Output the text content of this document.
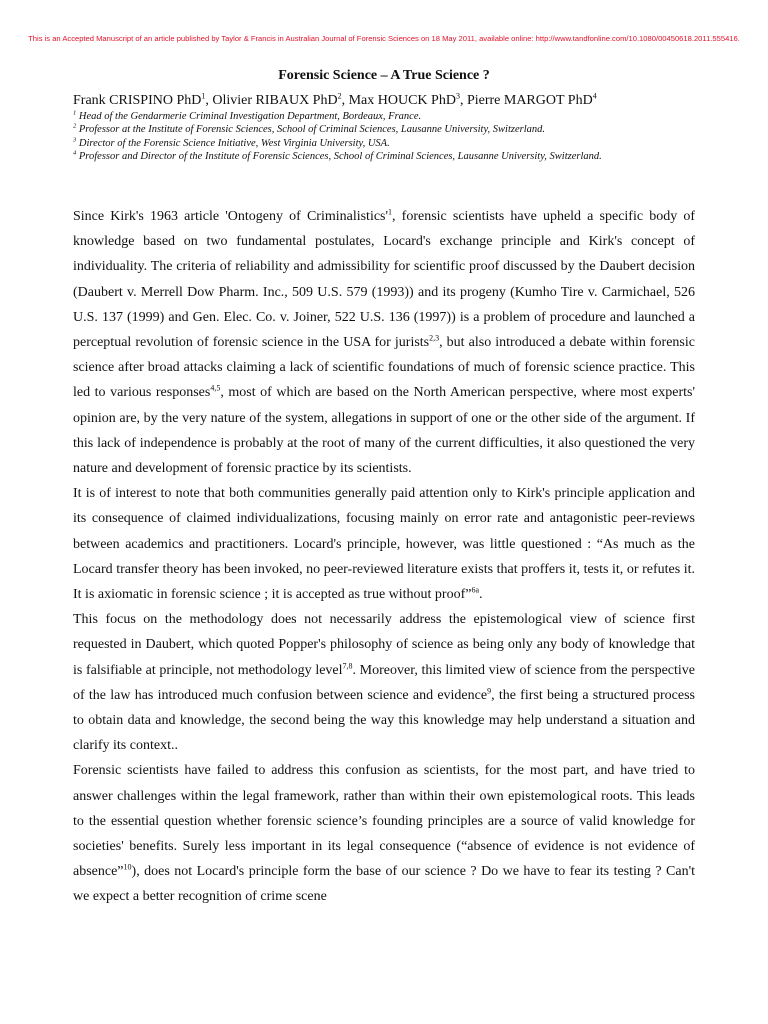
This is an Accepted Manuscript of an article published by Taylor & Francis in Australian Journal of Forensic Sciences on 18 May 2011, available online: http://www.tandfonline.com/10.1080/00450618.2011.555416.
Forensic Science – A True Science ?
Frank CRISPINO PhD$^1$, Olivier RIBAUX PhD$^2$, Max HOUCK PhD$^3$, Pierre MARGOT PhD$^4$
$^1$ Head of the Gendarmerie Criminal Investigation Department, Bordeaux, France.
$^2$ Professor at the Institute of Forensic Sciences, School of Criminal Sciences, Lausanne University, Switzerland.
$^3$ Director of the Forensic Science Initiative, West Virginia University, USA.
$^4$ Professor and Director of the Institute of Forensic Sciences, School of Criminal Sciences, Lausanne University, Switzerland.

Since Kirk's 1963 article 'Ontogeny of $Criminalistics'^1$, forensic scientists have upheld a specific body of knowledge based on two fundamental postulates, Locard's exchange principle and Kirk's concept of individuality. The criteria of reliability and admissibility for scientific proof discussed by the Daubert decision (Daubert v. Merrell Dow Pharm. Inc., 509 U.S. 579 (1993)) and its progeny (Kumho Tire v. Carmichael, 526 U.S. 137 (1999) and Gen. Elec. Co. v. Joiner, 522 U.S. 136 (1997)) is a problem of procedure and launched a perceptual revolution of forensic science in the USA for jurists$^{2,3}$, but also introduced a debate within forensic science after broad attacks claiming a lack of scientific foundations of much of forensic science practice. This led to various responses$^{4,5}$, most of which are based on the North American perspective, where most experts' opinion are, by the very nature of the system, allegations in support of one or the other side of the argument. If this lack of independence is probably at the root of many of the current difficulties, it also questioned the very nature and development of forensic practice by its scientists.

It is of interest to note that both communities generally paid attention only to Kirk's principle application and its consequence of claimed individualizations, focusing mainly on error rate and antagonistic peer-reviews between academics and practitioners. Locard's principle, however, was little questioned : “As much as the Locard transfer theory has been invoked, no peer-reviewed literature exists that proffers it, tests it, or refutes it. It is axiomatic in forensic science ; it is accepted as true without proof”$^{6a}$.

This focus on the methodology does not necessarily address the epistemological view of science first requested in Daubert, which quoted Popper's philosophy of science as being only any body of knowledge that is falsifiable at principle, not methodology level$^{7,8}$. Moreover, this limited view of science from the perspective of the law has introduced much confusion between science and evidence$^9$, the first being a structured process to obtain data and knowledge, the second being the way this knowledge may help understand a situation and clarify its context..

Forensic scientists have failed to address this confusion as scientists, for the most part, and have tried to answer challenges within the legal framework, rather than within their own epistemological roots. This leads to the essential question whether forensic science’s founding principles are a source of valid knowledge for societies' benefits. Surely less important in its legal consequence (“absence of evidence is not evidence of absence”$^{10}$), does not Locard's principle form the base of our science ? Do we have to fear its testing ? Can't we expect a better recognition of crime scene
